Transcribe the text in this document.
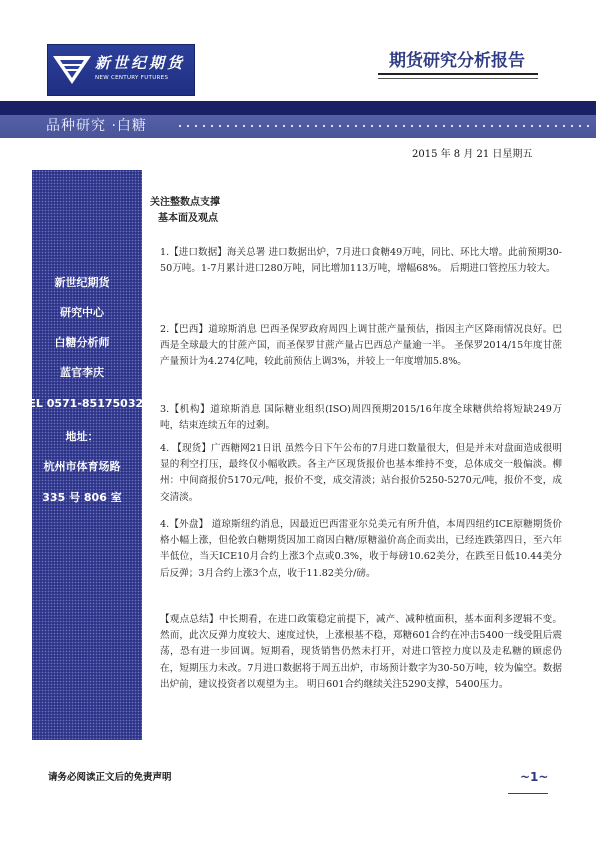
新世纪期货
NEW CENTURY FUTURES
期货研究分析报告
品种研究 ·白糖
2015 年 8 月 21 日星期五
新世纪期货
研究中心
白糖分析师
蓝官李庆
TEL 0571-85175032
地址：
杭州市体育场路
335 号 806 室
关注整数点支撑
基本面及观点
1.【进口数据】海关总署 进口数据出炉，7月进口食糖49万吨，同比、环比大增。此前预期30-50万吨。1-7月累计进口280万吨，同比增加113万吨，增幅68%。 后期进口管控压力较大。
2.【巴西】道琼斯消息 巴西圣保罗政府周四上调甘蔗产量预估，指因主产区降雨情况良好。巴西是全球最大的甘蔗产国，而圣保罗甘蔗产量占巴西总产量逾一半。 圣保罗2014/15年度甘蔗产量预计为4.274亿吨，较此前预估上调3%，并较上一年度增加5.8%。
3.【机构】道琼斯消息 国际糖业组织(ISO)周四预期2015/16年度全球糖供给将短缺249万吨，结束连续五年的过剩。
4. 【现货】广西糖网21日讯 虽然今日下午公布的7月进口数量很大，但是并未对盘面造成很明显的利空打压，最终仅小幅收跌。各主产区现货报价也基本维持不变，总体成交一般偏淡。柳州：中间商报价5170元/吨，报价不变，成交清淡；站台报价5250-5270元/吨，报价不变，成交清淡。
4.【外盘】 道琼斯纽约消息，因最近巴西雷亚尔兑美元有所升值，本周四纽约ICE原糖期货价格小幅上涨，但伦敦白糖期货因加工商因白糖/原糖溢价高企而卖出，已经连跌第四日，至六年半低位，当天ICE10月合约上涨3个点或0.3%，收于每磅10.62美分，在跌至日低10.44美分后反弹；3月合约上涨3个点，收于11.82美分/磅。
【观点总结】中长期看，在进口政策稳定前提下，减产、减种植面积，基本面利多逻辑不变。然而，此次反弹力度较大、速度过快，上涨根基不稳，郑糖601合约在冲击5400一线受阻后震荡，恐有进一步回调。短期看，现货销售仍然未打开，对进口管控力度以及走私糖的顾虑仍在，短期压力未改。7月进口数据将于周五出炉，市场预计数字为30-50万吨，较为偏空。数据出炉前，建议投资者以观望为主。 明日601合约继续关注5290支撑，5400压力。
请务必阅读正文后的免责声明	~1~
